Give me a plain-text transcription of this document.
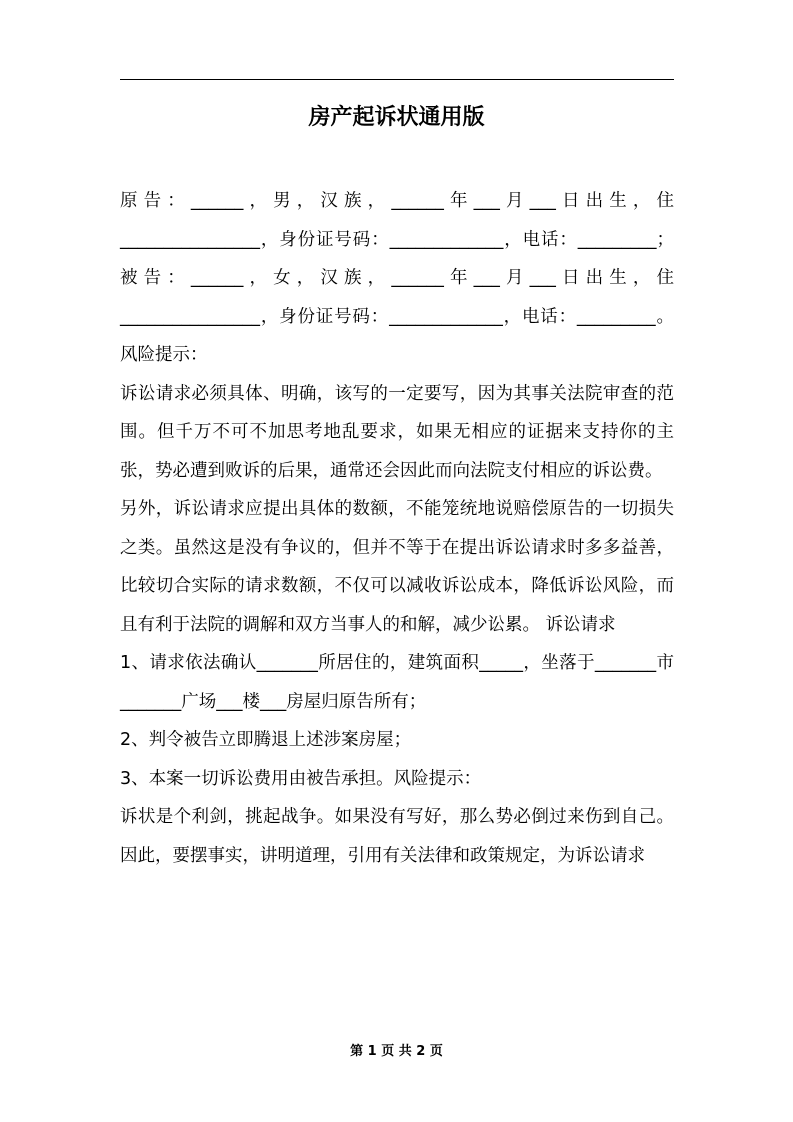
房产起诉状通用版

原告：______，男，汉族，______年___月___日出生，住________________，身份证号码：_____________，电话：_________；被告：______，女，汉族，______年___月___日出生，住________________，身份证号码：_____________，电话：_________。风险提示：

诉讼请求必须具体、明确，该写的一定要写，因为其事关法院审查的范围。但千万不可不加思考地乱要求，如果无相应的证据来支持你的主张，势必遭到败诉的后果，通常还会因此而向法院支付相应的诉讼费。

另外，诉讼请求应提出具体的数额，不能笼统地说赔偿原告的一切损失之类。虽然这是没有争议的，但并不等于在提出诉讼请求时多多益善，比较切合实际的请求数额，不仅可以减收诉讼成本，降低诉讼风险，而且有利于法院的调解和双方当事人的和解，减少讼累。 诉讼请求

1、请求依法确认_______所居住的，建筑面积_____，坐落于_______市_______广场___楼___房屋归原告所有；

2、判令被告立即腾退上述涉案房屋；

3、本案一切诉讼费用由被告承担。风险提示：

诉状是个利剑，挑起战争。如果没有写好，那么势必倒过来伤到自己。因此，要摆事实，讲明道理，引用有关法律和政策规定，为诉讼请求

第 1 页 共 2 页
